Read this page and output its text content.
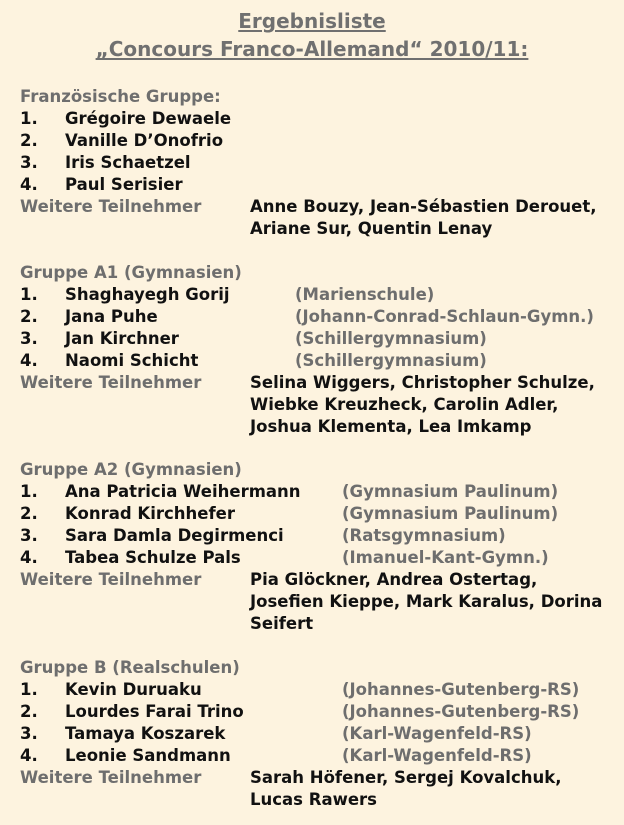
Ergebnisliste
„Concours Franco-Allemand“ 2010/11:
Französische Gruppe:
1. Grégoire Dewaele
2. Vanille D’Onofrio
3. Iris Schaetzel
4. Paul Serisier
Weitere Teilnehmer	Anne Bouzy, Jean-Sébastien Derouet, Ariane Sur, Quentin Lenay
Gruppe A1 (Gymnasien)
1. Shaghayegh Gorij	(Marienschule)
2. Jana Puhe	(Johann-Conrad-Schlaun-Gymn.)
3. Jan Kirchner	(Schillergymnasium)
4. Naomi Schicht	(Schillergymnasium)
Weitere Teilnehmer	Selina Wiggers, Christopher Schulze, Wiebke Kreuzheck, Carolin Adler, Joshua Klementa, Lea Imkamp
Gruppe A2 (Gymnasien)
1. Ana Patricia Weihermann	(Gymnasium Paulinum)
2. Konrad Kirchhefer	(Gymnasium Paulinum)
3. Sara Damla Degirmenci	(Ratsgymnasium)
4. Tabea Schulze Pals	(Imanuel-Kant-Gymn.)
Weitere Teilnehmer	Pia Glöckner, Andrea Ostertag, Josefien Kieppe, Mark Karalus, Dorina Seifert
Gruppe B (Realschulen)
1. Kevin Duruaku	(Johannes-Gutenberg-RS)
2. Lourdes Farai Trino	(Johannes-Gutenberg-RS)
3. Tamaya Koszarek	(Karl-Wagenfeld-RS)
4. Leonie Sandmann	(Karl-Wagenfeld-RS)
Weitere Teilnehmer	Sarah Höfener, Sergej Kovalchuk, Lucas Rawers
